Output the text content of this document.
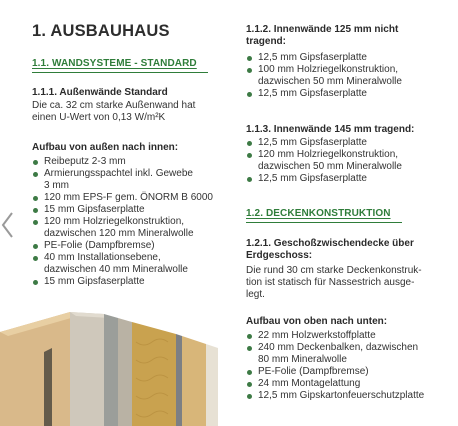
1. AUSBAUHAUS
1.1. WANDSYSTEME - STANDARD
1.1.1. Außenwände Standard
Die ca. 32 cm starke Außenwand hat
einen U-Wert von 0,13 W/m²K
Aufbau von außen nach innen:
Reibeputz 2-3 mm
Armierungsspachtel inkl. Gewebe
3 mm
120 mm EPS-F gem. ÖNORM B 6000
15 mm Gipsfaserplatte
120 mm Holzriegelkonstruktion,
dazwischen 120 mm Mineralwolle
PE-Folie (Dampfbremse)
40 mm Installationsebene,
dazwischen 40 mm Mineralwolle
15 mm Gipsfaserplatte
1.1.2. Innenwände 125 mm nicht
tragend:
12,5 mm Gipsfaserplatte
100 mm Holzriegelkonstruktion,
dazwischen 50 mm Mineralwolle
12,5 mm Gipsfaserplatte
1.1.3. Innenwände 145 mm tragend:
12,5 mm Gipsfaserplatte
120 mm Holzriegelkonstruktion,
dazwischen 50 mm Mineralwolle
12,5 mm Gipsfaserplatte
1.2. DECKENKONSTRUKTION
1.2.1. Geschoßzwischendecke über
Erdgeschoss:
Die rund 30 cm starke Deckenkonstruk-
tion ist statisch für Nassestrich ausge-
legt.
Aufbau von oben nach unten:
22 mm Holzwerkstoffplatte
240 mm Deckenbalken, dazwischen
80 mm Mineralwolle
PE-Folie (Dampfbremse)
24 mm Montagelattung
12,5 mm Gipskartonfeuerschutzplatte
